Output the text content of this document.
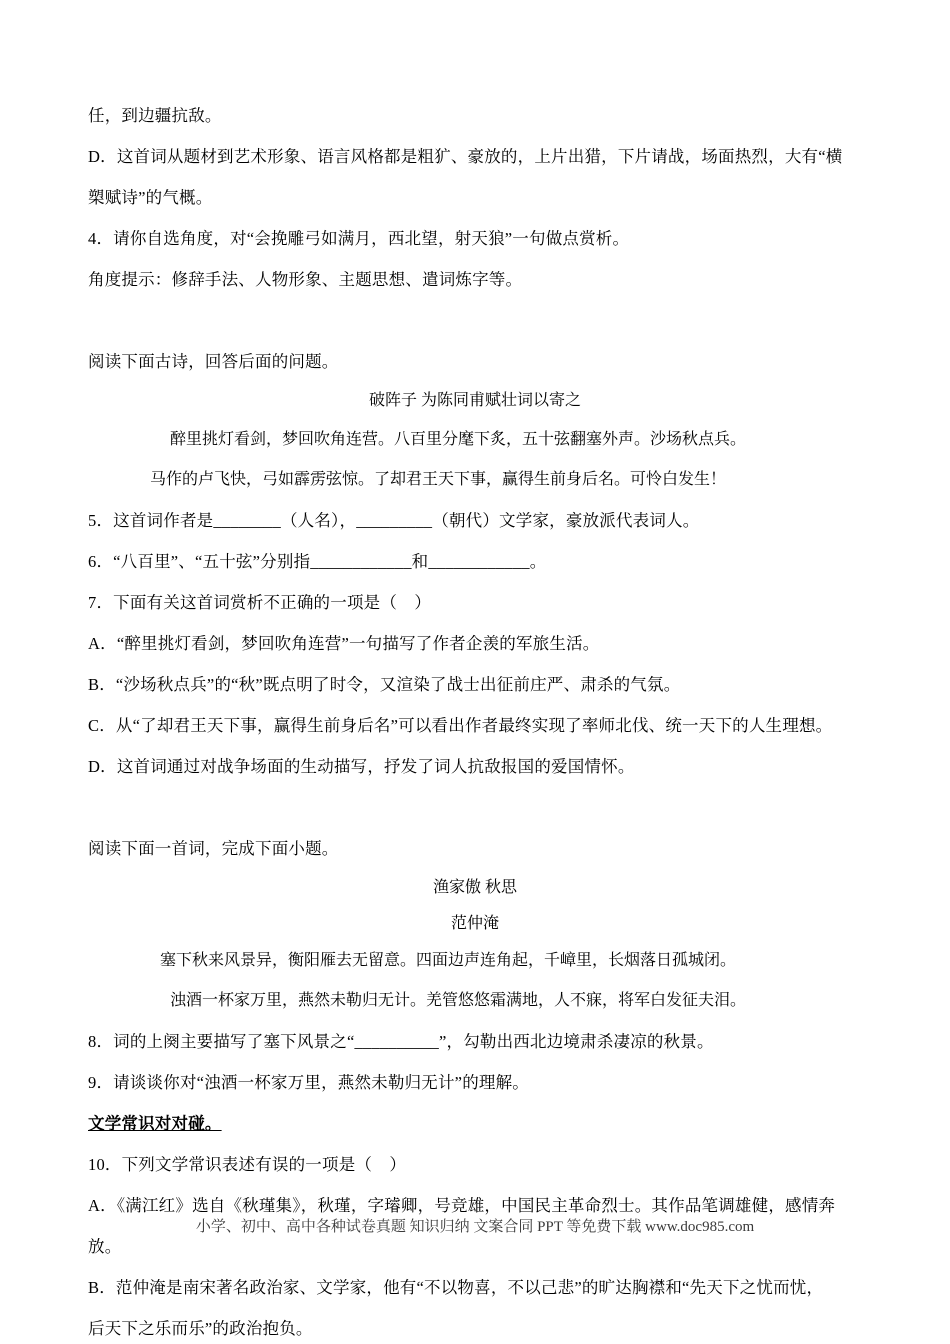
任，到边疆抗敌。
D．这首词从题材到艺术形象、语言风格都是粗犷、豪放的，上片出猎，下片请战，场面热烈，大有“横
槊赋诗”的气概。
4．请你自选角度，对“会挽雕弓如满月，西北望，射天狼”一句做点赏析。
角度提示：修辞手法、人物形象、主题思想、遣词炼字等。
阅读下面古诗，回答后面的问题。
破阵子 为陈同甫赋壮词以寄之
醉里挑灯看剑，梦回吹角连营。八百里分麾下炙，五十弦翻塞外声。沙场秋点兵。
马作的卢飞快，弓如霹雳弦惊。了却君王天下事，赢得生前身后名。可怜白发生！
5．这首词作者是________（人名），_________（朝代）文学家，豪放派代表词人。
6．“八百里”、“五十弦”分别指____________和____________。
7．下面有关这首词赏析不正确的一项是（    ）
A．“醉里挑灯看剑，梦回吹角连营”一句描写了作者企羡的军旅生活。
B．“沙场秋点兵”的“秋”既点明了时令，又渲染了战士出征前庄严、肃杀的气氛。
C．从“了却君王天下事，赢得生前身后名”可以看出作者最终实现了率师北伐、统一天下的人生理想。
D．这首词通过对战争场面的生动描写，抒发了词人抗敌报国的爱国情怀。
阅读下面一首词，完成下面小题。
渔家傲 秋思
范仲淹
塞下秋来风景异，衡阳雁去无留意。四面边声连角起，千嶂里，长烟落日孤城闭。
浊酒一杯家万里，燕然未勒归无计。羌管悠悠霜满地，人不寐，将军白发征夫泪。
8．词的上阕主要描写了塞下风景之“__________”，勾勒出西北边境肃杀凄凉的秋景。
9．请谈谈你对“浊酒一杯家万里，燕然未勒归无计”的理解。
文学常识对对碰。
10．下列文学常识表述有误的一项是（    ）
A．《满江红》选自《秋瑾集》，秋瑾，字璿卿，号竞雄，中国民主革命烈士。其作品笔调雄健，感情奔
放。
B．范仲淹是南宋著名政治家、文学家，他有“不以物喜，不以己悲”的旷达胸襟和“先天下之忧而忧，
后天下之乐而乐”的政治抱负。
小学、初中、高中各种试卷真题 知识归纳 文案合同 PPT 等免费下载 www.doc985.com
